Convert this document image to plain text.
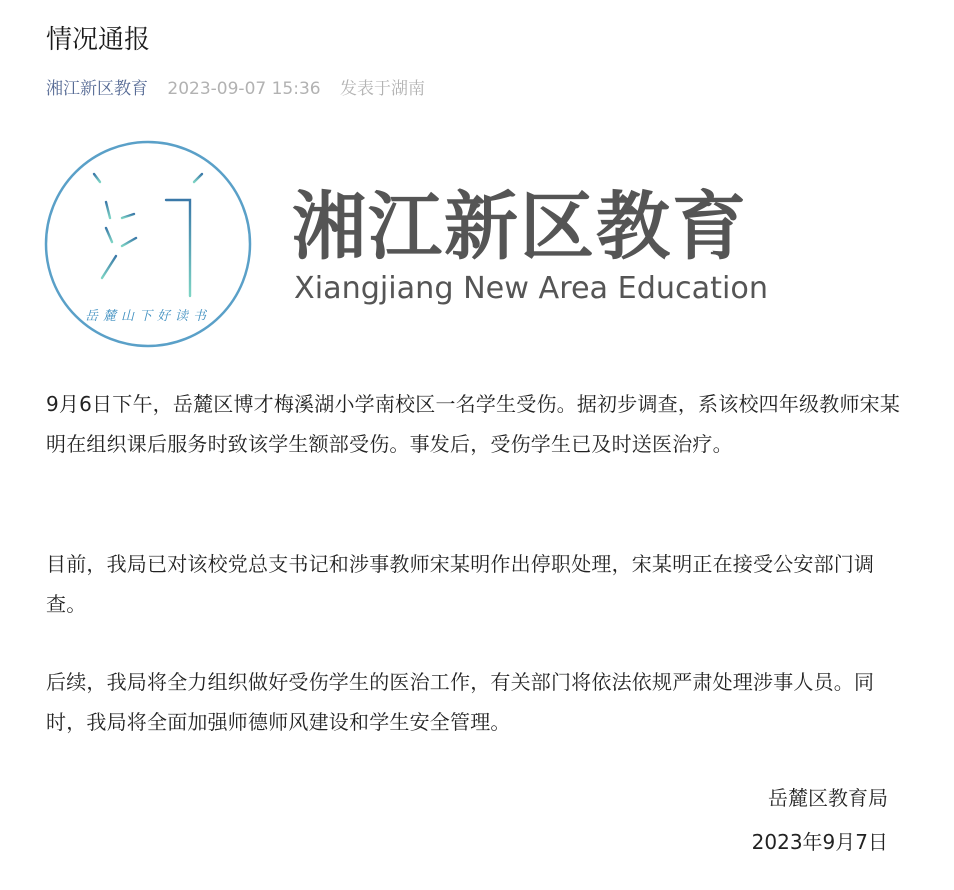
情况通报
湘江新区教育 2023-09-07 15:36 发表于湖南
岳麓山下好读书
湘江新区教育
Xiangjiang New Area Education
9月6日下午，岳麓区博才梅溪湖小学南校区一名学生受伤。据初步调查，系该校四年级教师宋某明在组织课后服务时致该学生额部受伤。事发后，受伤学生已及时送医治疗。
目前，我局已对该校党总支书记和涉事教师宋某明作出停职处理，宋某明正在接受公安部门调查。
后续，我局将全力组织做好受伤学生的医治工作，有关部门将依法依规严肃处理涉事人员。同时，我局将全面加强师德师风建设和学生安全管理。
岳麓区教育局
2023年9月7日
